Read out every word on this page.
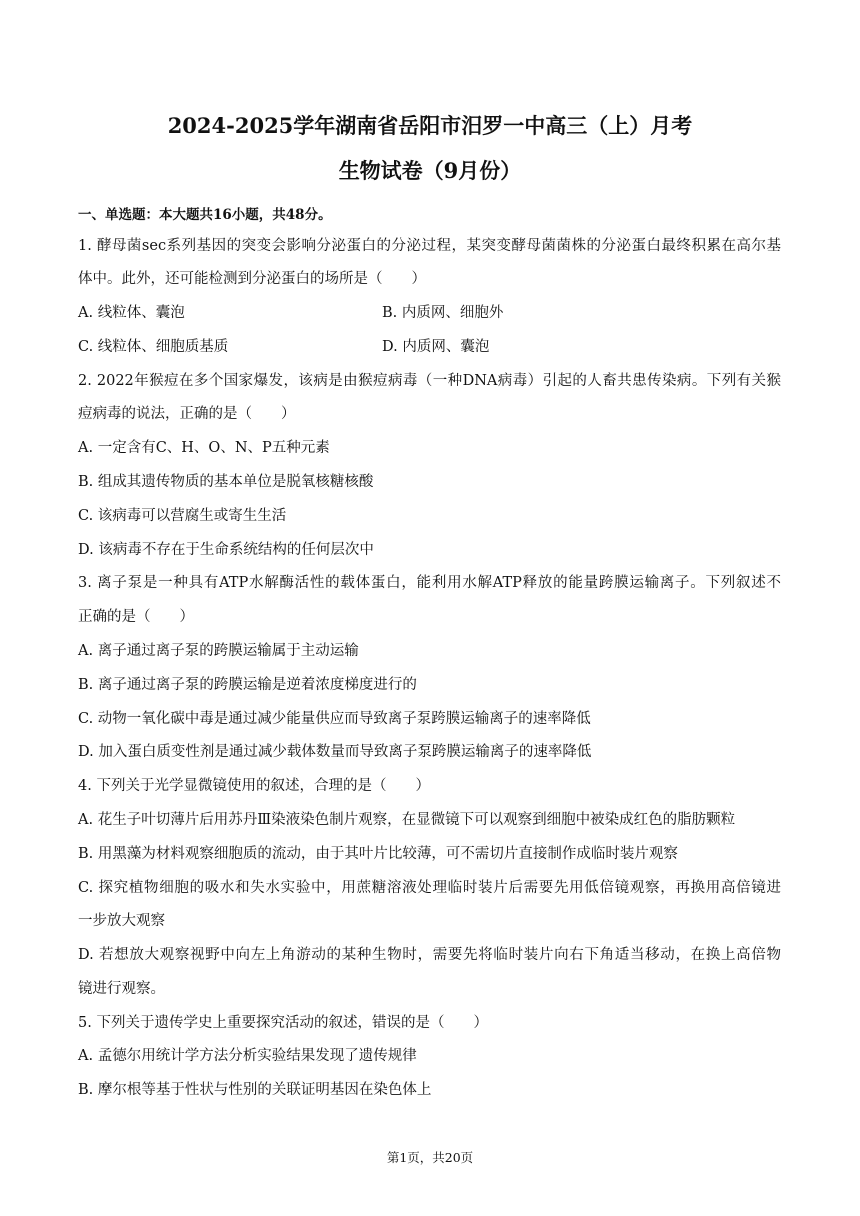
2024-2025学年湖南省岳阳市汨罗一中高三（上）月考
生物试卷（9月份）
一、单选题：本大题共16小题，共48分。
1. 酵母菌sec系列基因的突变会影响分泌蛋白的分泌过程，某突变酵母菌菌株的分泌蛋白最终积累在高尔基
体中。此外，还可能检测到分泌蛋白的场所是（　　）
A. 线粒体、囊泡	B. 内质网、细胞外
C. 线粒体、细胞质基质	D. 内质网、囊泡
2. 2022年猴痘在多个国家爆发，该病是由猴痘病毒（一种DNA病毒）引起的人畜共患传染病。下列有关猴
痘病毒的说法，正确的是（　　）
A. 一定含有C、H、O、N、P五种元素
B. 组成其遗传物质的基本单位是脱氧核糖核酸
C. 该病毒可以营腐生或寄生生活
D. 该病毒不存在于生命系统结构的任何层次中
3. 离子泵是一种具有ATP水解酶活性的载体蛋白，能利用水解ATP释放的能量跨膜运输离子。下列叙述不
正确的是（　　）
A. 离子通过离子泵的跨膜运输属于主动运输
B. 离子通过离子泵的跨膜运输是逆着浓度梯度进行的
C. 动物一氧化碳中毒是通过减少能量供应而导致离子泵跨膜运输离子的速率降低
D. 加入蛋白质变性剂是通过减少载体数量而导致离子泵跨膜运输离子的速率降低
4. 下列关于光学显微镜使用的叙述，合理的是（　　）
A. 花生子叶切薄片后用苏丹Ⅲ染液染色制片观察，在显微镜下可以观察到细胞中被染成红色的脂肪颗粒
B. 用黑藻为材料观察细胞质的流动，由于其叶片比较薄，可不需切片直接制作成临时装片观察
C. 探究植物细胞的吸水和失水实验中，用蔗糖溶液处理临时装片后需要先用低倍镜观察，再换用高倍镜进
一步放大观察
D. 若想放大观察视野中向左上角游动的某种生物时，需要先将临时装片向右下角适当移动，在换上高倍物
镜进行观察。
5. 下列关于遗传学史上重要探究活动的叙述，错误的是（　　）
A. 孟德尔用统计学方法分析实验结果发现了遗传规律
B. 摩尔根等基于性状与性别的关联证明基因在染色体上
第1页，共20页
